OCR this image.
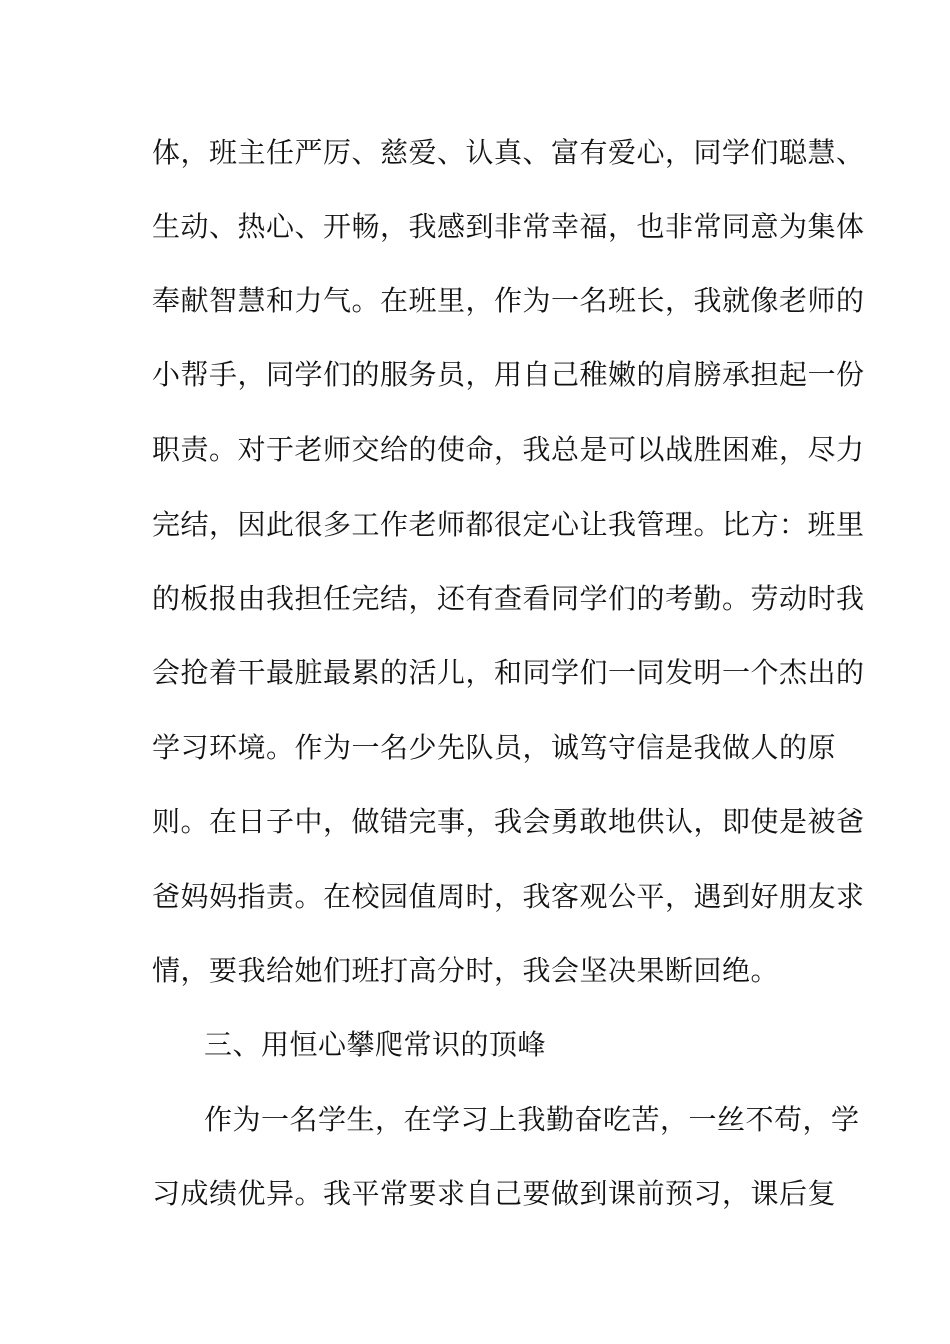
体，班主任严厉、慈爱、认真、富有爱心，同学们聪慧、
生动、热心、开畅，我感到非常幸福，也非常同意为集体
奉献智慧和力气。在班里，作为一名班长，我就像老师的
小帮手，同学们的服务员，用自己稚嫩的肩膀承担起一份
职责。对于老师交给的使命，我总是可以战胜困难，尽力
完结，因此很多工作老师都很定心让我管理。比方：班里
的板报由我担任完结，还有查看同学们的考勤。劳动时我
会抢着干最脏最累的活儿，和同学们一同发明一个杰出的
学习环境。作为一名少先队员，诚笃守信是我做人的原
则。在日子中，做错完事，我会勇敢地供认，即使是被爸
爸妈妈指责。在校园值周时，我客观公平，遇到好朋友求
情，要我给她们班打高分时，我会坚决果断回绝。
三、用恒心攀爬常识的顶峰
作为一名学生，在学习上我勤奋吃苦，一丝不苟，学
习成绩优异。我平常要求自己要做到课前预习，课后复
